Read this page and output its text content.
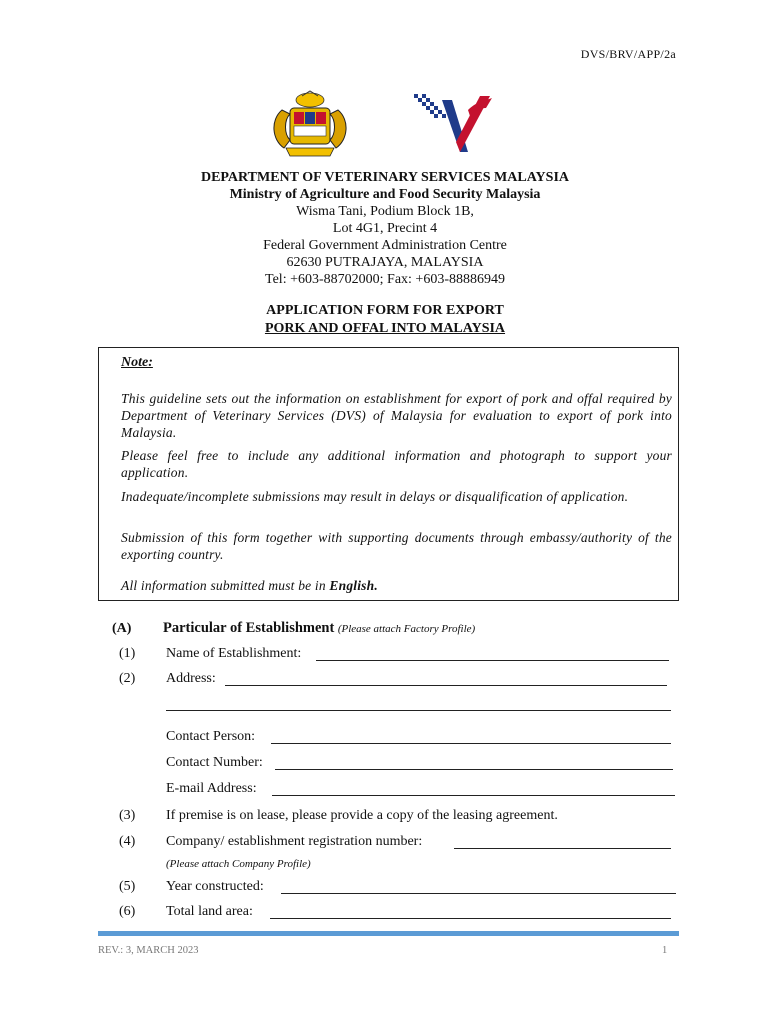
DVS/BRV/APP/2a
DEPARTMENT OF VETERINARY SERVICES MALAYSIA
Ministry of Agriculture and Food Security Malaysia
Wisma Tani, Podium Block 1B,
Lot 4G1, Precint 4
Federal Government Administration Centre
62630 PUTRAJAYA, MALAYSIA
Tel: +603-88702000; Fax: +603-88886949
APPLICATION FORM FOR EXPORT
PORK AND OFFAL INTO MALAYSIA
Note:
This guideline sets out the information on establishment for export of pork and offal required by Department of Veterinary Services (DVS) of Malaysia for evaluation to export of pork into Malaysia.
Please feel free to include any additional information and photograph to support your application.
Inadequate/incomplete submissions may result in delays or disqualification of application.
Submission of this form together with supporting documents through embassy/authority of the exporting country.
All information submitted must be in English.
(A) Particular of Establishment (Please attach Factory Profile)
(1) Name of Establishment:
(2) Address:
Contact Person:
Contact Number:
E-mail Address:
(3) If premise is on lease, please provide a copy of the leasing agreement.
(4) Company/ establishment registration number:
(Please attach Company Profile)
(5) Year constructed:
(6) Total land area:
REV.: 3, MARCH 2023	1
